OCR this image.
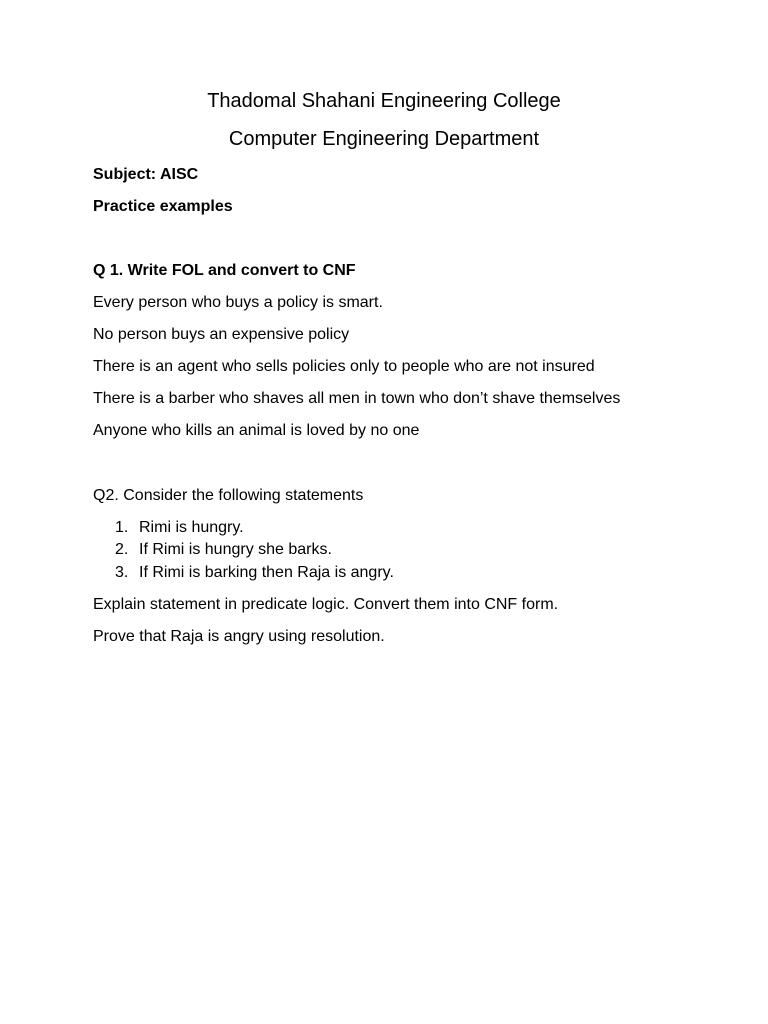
Thadomal Shahani Engineering College
Computer Engineering Department
Subject: AISC
Practice examples
Q 1. Write FOL and convert to CNF
Every person who buys a policy is smart.
No person buys an expensive policy
There is an agent who sells policies only to people who are not insured
There is a barber who shaves all men in town who don’t shave themselves
Anyone who kills an animal is loved by no one
Q2. Consider the following statements
1. Rimi is hungry.
2. If Rimi is hungry she barks.
3. If Rimi is barking then Raja is angry.
Explain statement in predicate logic. Convert them into CNF form.
Prove that Raja is angry using resolution.
